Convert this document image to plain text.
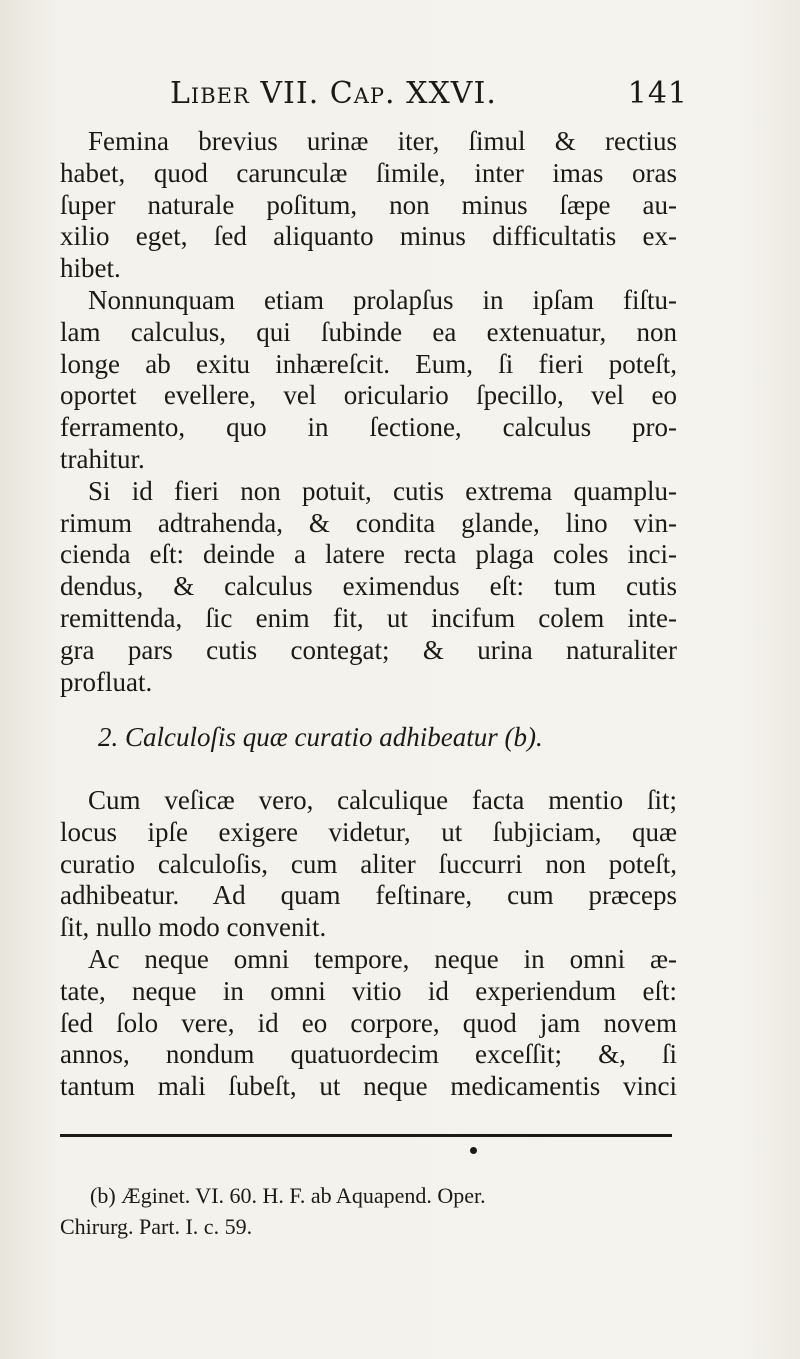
Liber VII. Cap. XXVI.	141

Femina brevius urinæ iter, ſimul & rectius
habet, quod carunculæ ſimile, inter imas oras
ſuper naturale poſitum, non minus ſæpe au-
xilio eget, ſed aliquanto minus difficultatis ex-
hibet.

Nonnunquam etiam prolapſus in ipſam fiſtu-
lam calculus, qui ſubinde ea extenuatur, non
longe ab exitu inhæreſcit. Eum, ſi fieri poteſt,
oportet evellere, vel oriculario ſpecillo, vel eo
ferramento, quo in ſectione, calculus pro-
trahitur.

Si id fieri non potuit, cutis extrema quamplu-
rimum adtrahenda, & condita glande, lino vin-
cienda eſt: deinde a latere recta plaga coles inci-
dendus, & calculus eximendus eſt: tum cutis
remittenda, ſic enim fit, ut incifum colem inte-
gra pars cutis contegat; & urina naturaliter
profluat.

2. Calculoſis quæ curatio adhibeatur (b).

Cum veſicæ vero, calculique facta mentio ſit;
locus ipſe exigere videtur, ut ſubjiciam, quæ
curatio calculoſis, cum aliter ſuccurri non poteſt,
adhibeatur. Ad quam feſtinare, cum præceps
ſit, nullo modo convenit.

Ac neque omni tempore, neque in omni æ-
tate, neque in omni vitio id experiendum eſt:
ſed ſolo vere, id eo corpore, quod jam novem
annos, nondum quatuordecim exceſſit; &, ſi
tantum mali ſubeſt, ut neque medicamentis vinci

(b) Æginet. VI. 60. H. F. ab Aquapend. Oper.
Chirurg. Part. I. c. 59.
